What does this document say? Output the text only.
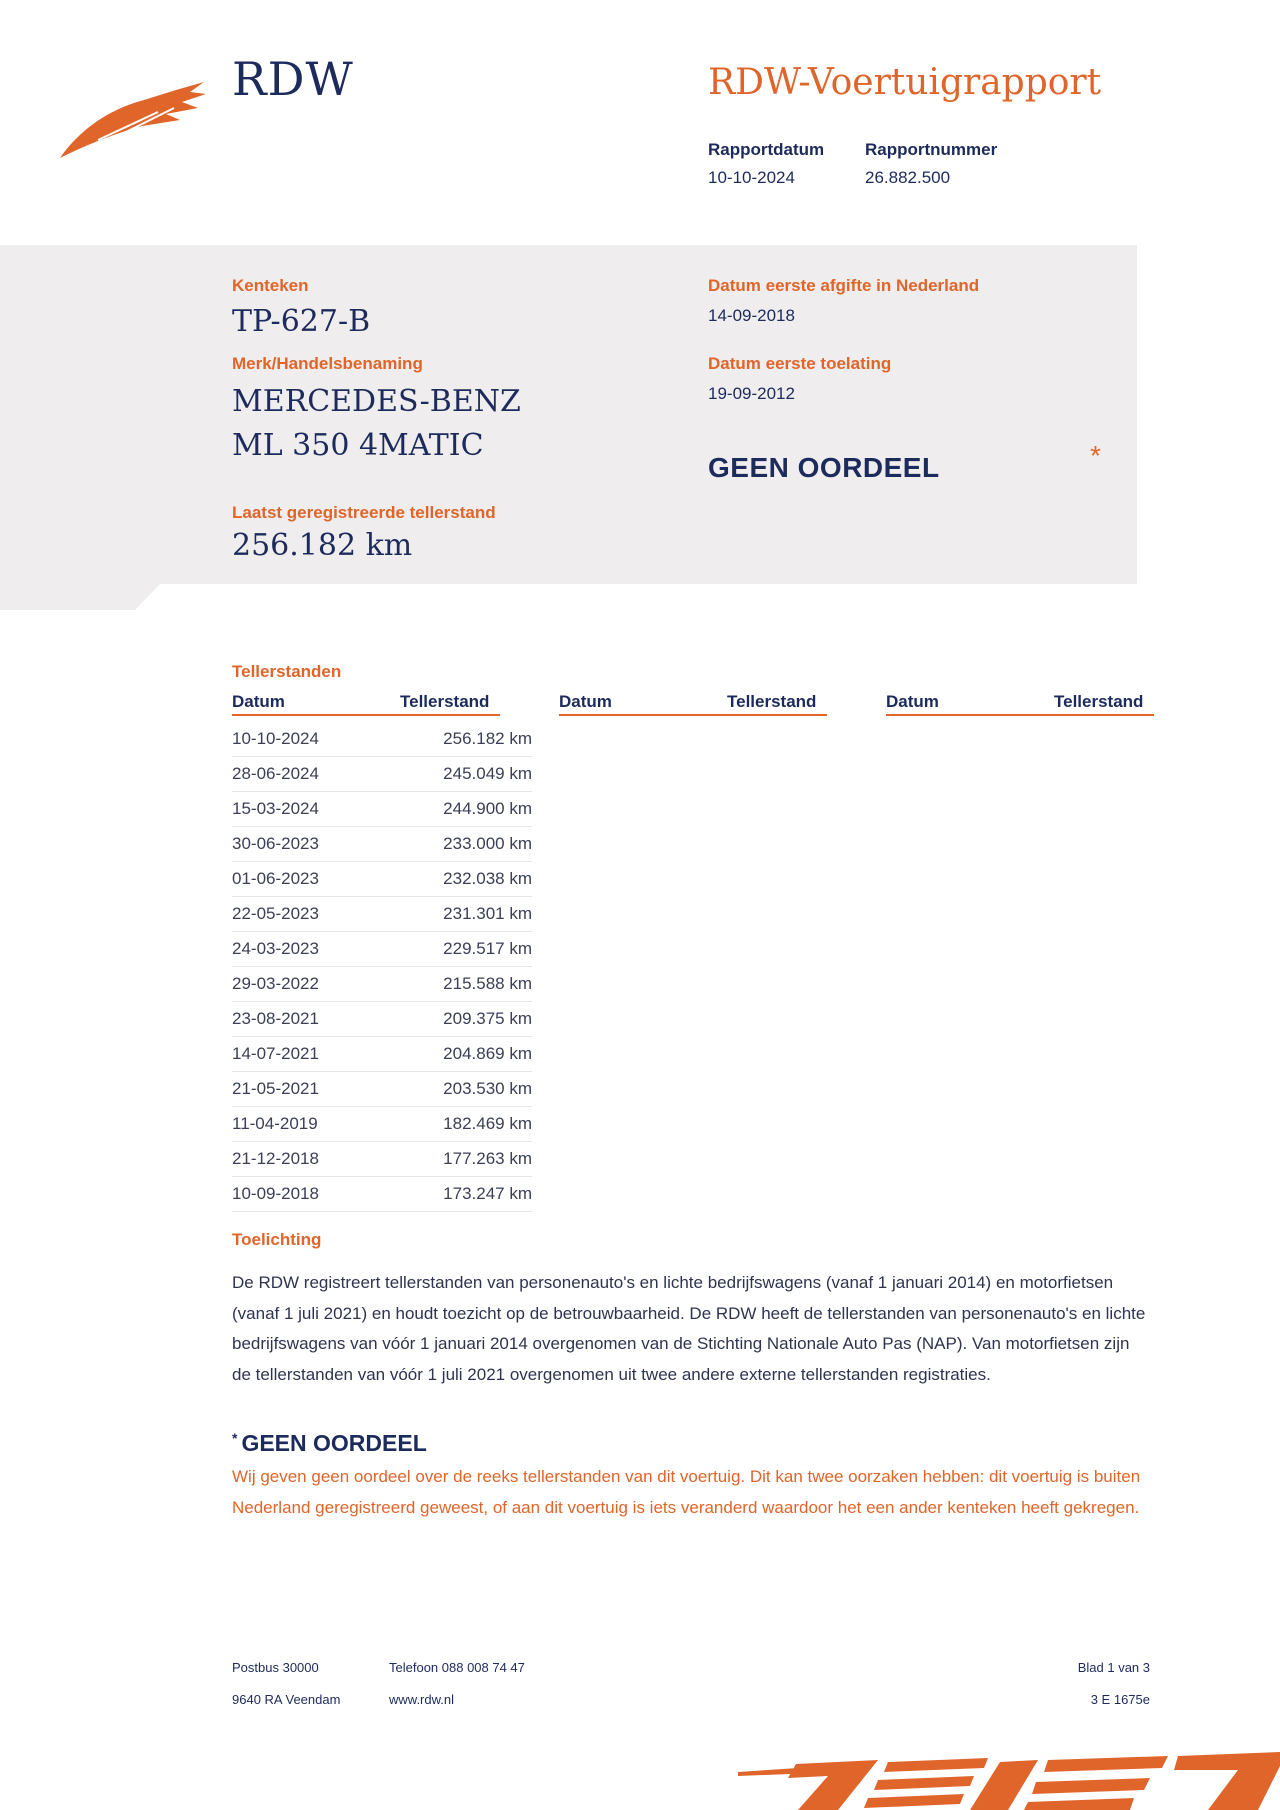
RDW	RDW-Voertuigrapport
Rapportdatum
10-10-2024
Rapportnummer
26.882.500
Kenteken
TP-627-B
Merk/Handelsbenaming
MERCEDES-BENZ
ML 350 4MATIC
Laatst geregistreerde tellerstand
256.182 km
Datum eerste afgifte in Nederland
14-09-2018
Datum eerste toelating
19-09-2012
GEEN OORDEEL	*
Tellerstanden
Datum	Tellerstand	Datum	Tellerstand	Datum	Tellerstand
10-10-2024	256.182 km
28-06-2024	245.049 km
15-03-2024	244.900 km
30-06-2023	233.000 km
01-06-2023	232.038 km
22-05-2023	231.301 km
24-03-2023	229.517 km
29-03-2022	215.588 km
23-08-2021	209.375 km
14-07-2021	204.869 km
21-05-2021	203.530 km
11-04-2019	182.469 km
21-12-2018	177.263 km
10-09-2018	173.247 km
Toelichting
De RDW registreert tellerstanden van personenauto's en lichte bedrijfswagens (vanaf 1 januari 2014) en motorfietsen (vanaf 1 juli 2021) en houdt toezicht op de betrouwbaarheid. De RDW heeft de tellerstanden van personenauto's en lichte bedrijfswagens van vóór 1 januari 2014 overgenomen van de Stichting Nationale Auto Pas (NAP). Van motorfietsen zijn de tellerstanden van vóór 1 juli 2021 overgenomen uit twee andere externe tellerstanden registraties.
* GEEN OORDEEL
Wij geven geen oordeel over de reeks tellerstanden van dit voertuig. Dit kan twee oorzaken hebben: dit voertuig is buiten Nederland geregistreerd geweest, of aan dit voertuig is iets veranderd waardoor het een ander kenteken heeft gekregen.
Postbus 30000
9640 RA Veendam
Telefoon 088 008 74 47
www.rdw.nl
Blad 1 van 3
3 E 1675e
